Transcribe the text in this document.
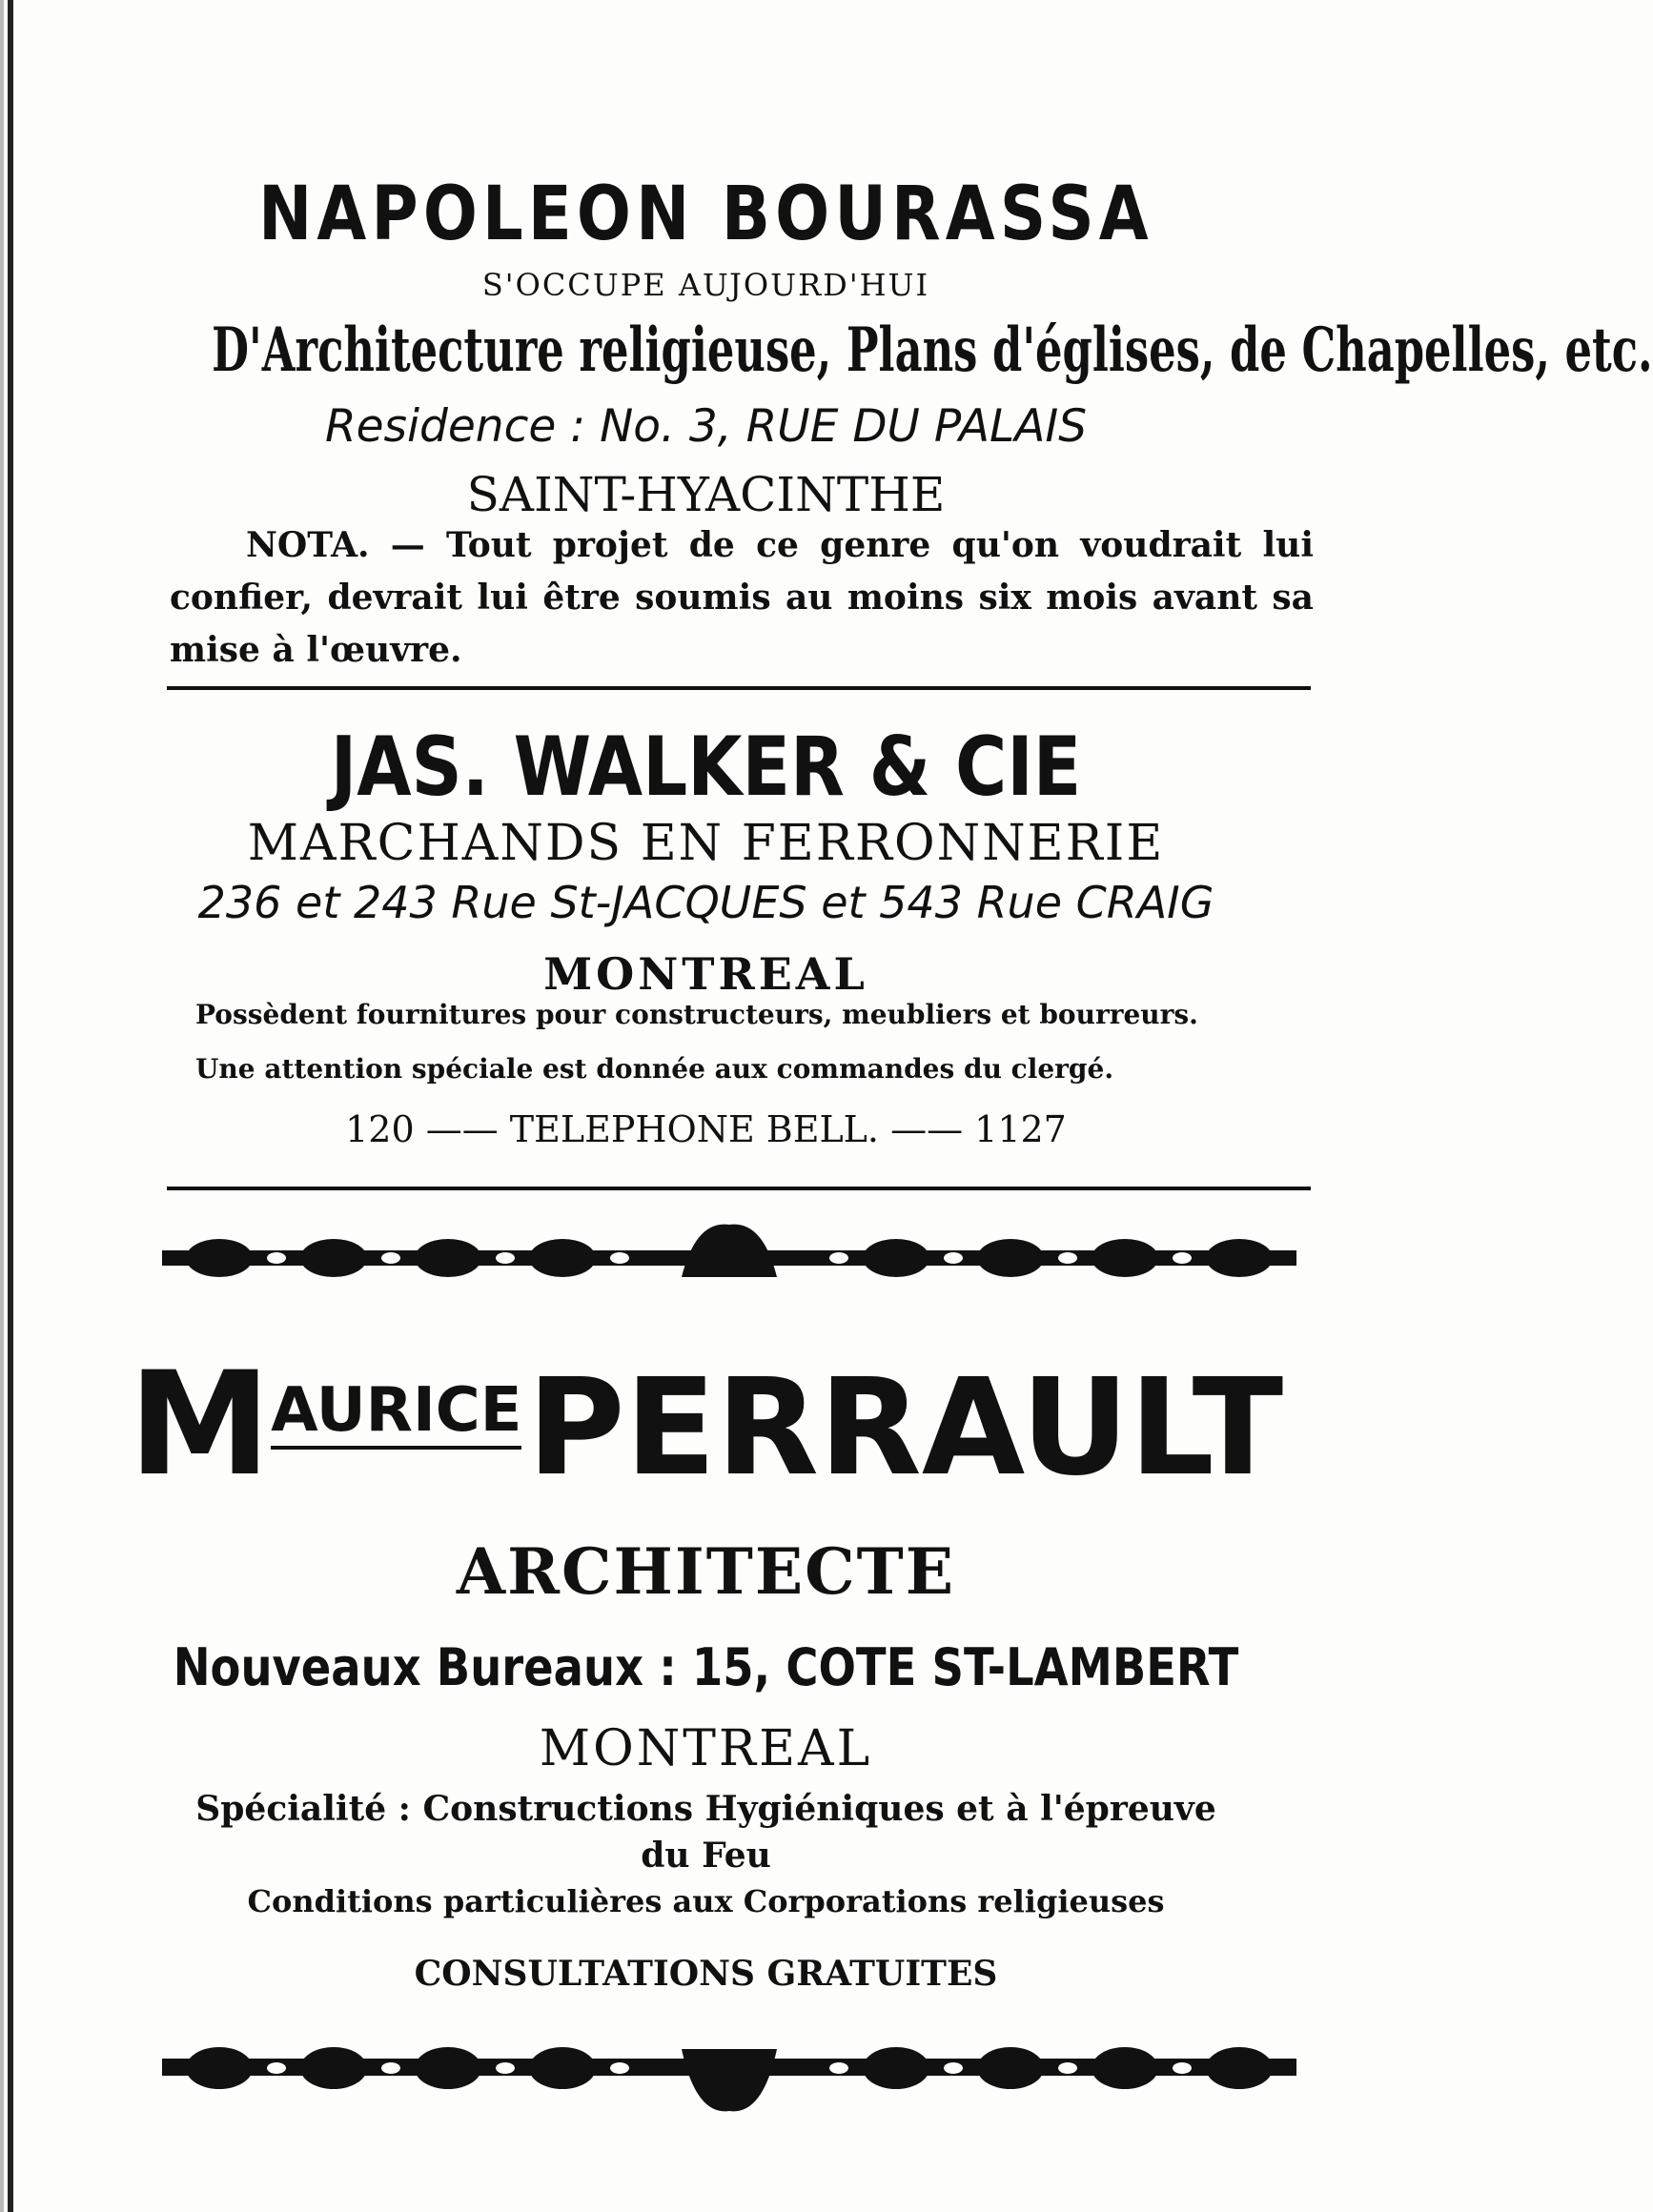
NAPOLEON BOURASSA
S'OCCUPE AUJOURD'HUI
D'Architecture religieuse, Plans d'églises, de Chapelles, etc.
Residence : No. 3, RUE DU PALAIS
SAINT-HYACINTHE
NOTA. — Tout projet de ce genre qu'on voudrait lui confier, devrait lui être soumis au moins six mois avant sa mise à l'œuvre.
JAS. WALKER & CIE
MARCHANDS EN FERRONNERIE
236 et 243 Rue St-JACQUES et 543 Rue CRAIG
MONTREAL
Possèdent fournitures pour constructeurs, meubliers et bourreurs.
Une attention spéciale est donnée aux commandes du clergé.
120 —— TELEPHONE BELL. —— 1127
MAURICE PERRAULT
ARCHITECTE
Nouveaux Bureaux : 15, COTE ST-LAMBERT
MONTREAL
Spécialité : Constructions Hygiéniques et à l'épreuve
du Feu
Conditions particulières aux Corporations religieuses
CONSULTATIONS GRATUITES
